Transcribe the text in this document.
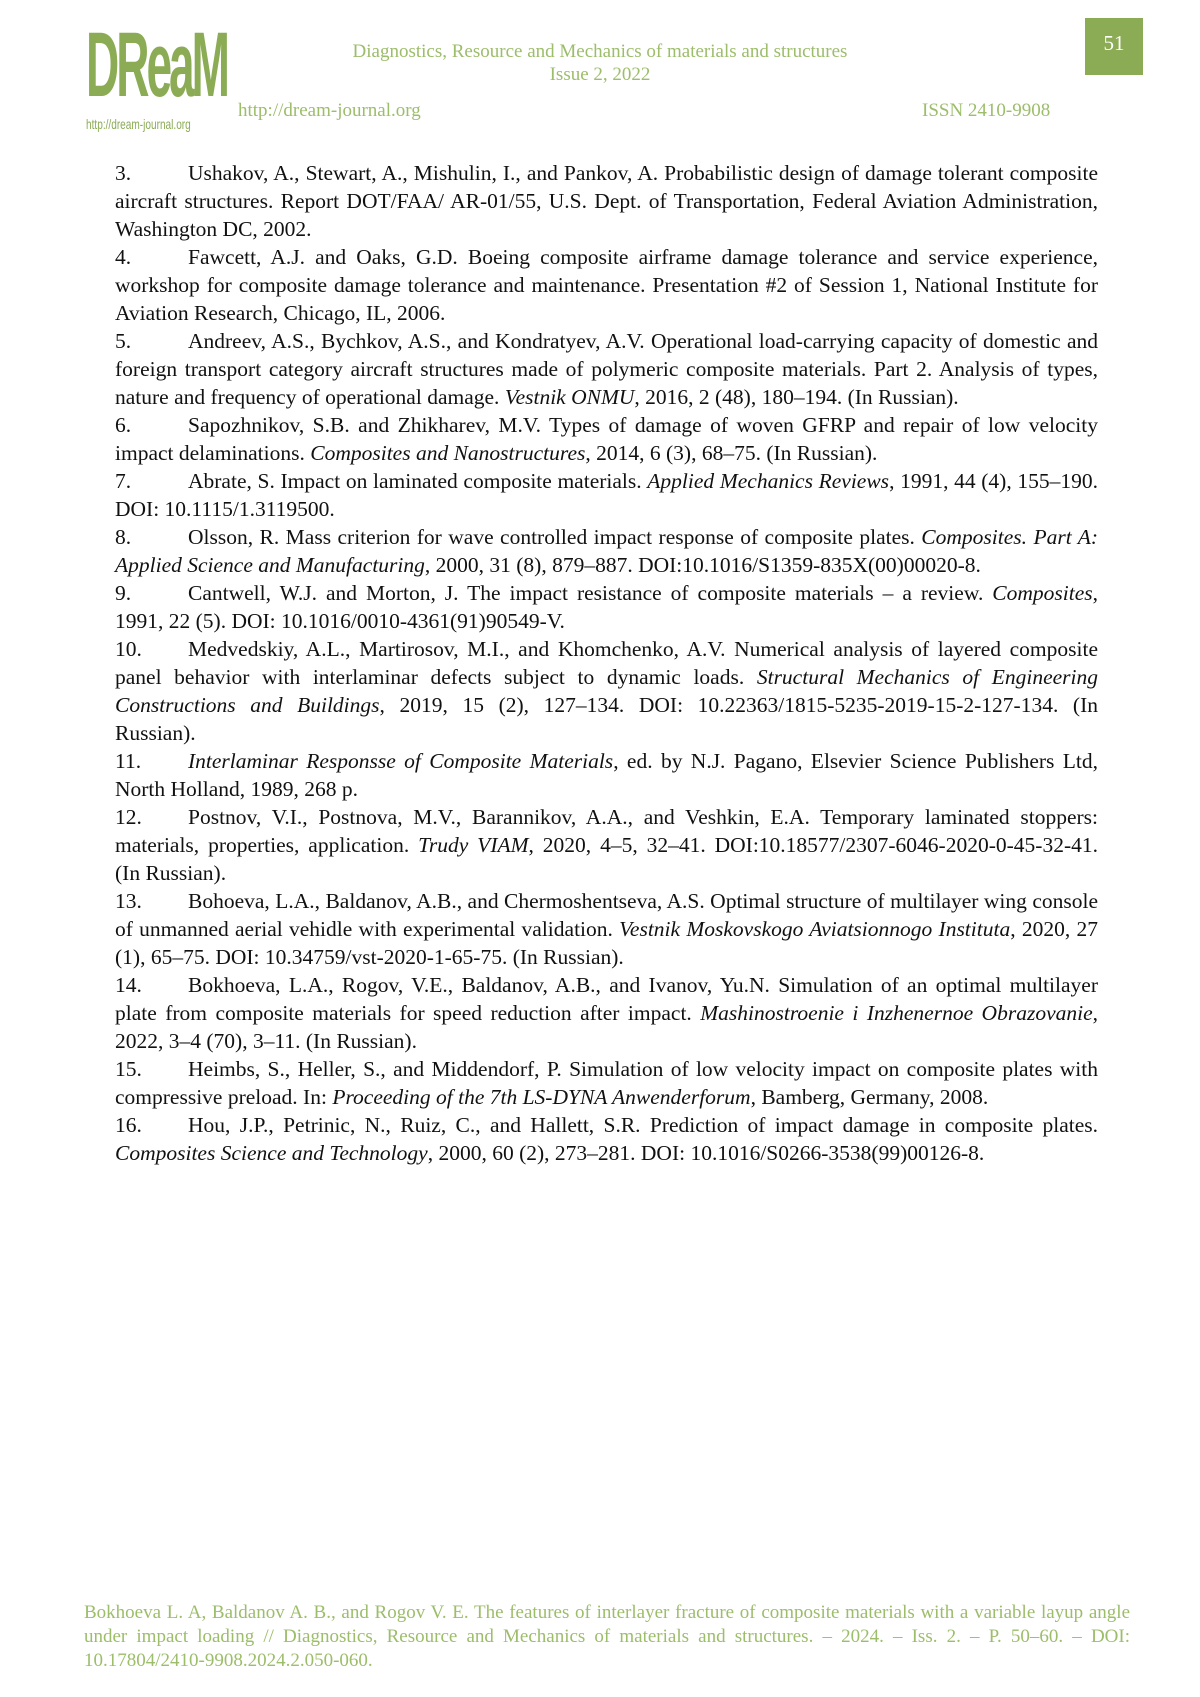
DReaM
http://dream-journal.org
Diagnostics, Resource and Mechanics of materials and structures
Issue 2, 2022
http://dream-journal.org	ISSN 2410-9908
51

3.	Ushakov, A., Stewart, A., Mishulin, I., and Pankov, A. Probabilistic design of damage tolerant composite aircraft structures. Report DOT/FAA/ AR-01/55, U.S. Dept. of Transportation, Federal Aviation Administration, Washington DC, 2002.

4.	Fawcett, A.J. and Oaks, G.D. Boeing composite airframe damage tolerance and service experience, workshop for composite damage tolerance and maintenance. Presentation #2 of Session 1, National Institute for Aviation Research, Chicago, IL, 2006.

5.	Andreev, A.S., Bychkov, A.S., and Kondratyev, A.V. Operational load-carrying capacity of domestic and foreign transport category aircraft structures made of polymeric composite materials. Part 2. Analysis of types, nature and frequency of operational damage. Vestnik ONMU, 2016, 2 (48), 180–194. (In Russian).

6.	Sapozhnikov, S.B. and Zhikharev, M.V. Types of damage of woven GFRP and repair of low velocity impact delaminations. Composites and Nanostructures, 2014, 6 (3), 68–75. (In Russian).

7.	Abrate, S. Impact on laminated composite materials. Applied Mechanics Reviews, 1991, 44 (4), 155–190. DOI: 10.1115/1.3119500.

8.	Olsson, R. Mass criterion for wave controlled impact response of composite plates. Composites. Part A: Applied Science and Manufacturing, 2000, 31 (8), 879–887. DOI:10.1016/S1359-835X(00)00020-8.

9.	Cantwell, W.J. and Morton, J. The impact resistance of composite materials – a review. Composites, 1991, 22 (5). DOI: 10.1016/0010-4361(91)90549-V.

10. Medvedskiy, A.L., Martirosov, M.I., and Khomchenko, A.V. Numerical analysis of layered composite panel behavior with interlaminar defects subject to dynamic loads. Structural Mechanics of Engineering Constructions and Buildings, 2019, 15 (2), 127–134. DOI: 10.22363/1815-5235-2019-15-2-127-134. (In Russian).

11. Interlaminar Responsse of Composite Materials, ed. by N.J. Pagano, Elsevier Science Publishers Ltd, North Holland, 1989, 268 p.

12. Postnov, V.I., Postnova, M.V., Barannikov, A.A., and Veshkin, E.A. Temporary laminated stoppers: materials, properties, application. Trudy VIAM, 2020, 4–5, 32–41. DOI:10.18577/2307-6046-2020-0-45-32-41. (In Russian).

13. Bohoeva, L.A., Baldanov, A.B., and Chermoshentseva, A.S. Optimal structure of multilayer wing console of unmanned aerial vehidle with experimental validation. Vestnik Moskovskogo Aviatsionnogo Instituta, 2020, 27 (1), 65–75. DOI: 10.34759/vst-2020-1-65-75. (In Russian).

14. Bokhoeva, L.A., Rogov, V.E., Baldanov, A.B., and Ivanov, Yu.N. Simulation of an optimal multilayer plate from composite materials for speed reduction after impact. Mashinostroenie i Inzhenernoe Obrazovanie, 2022, 3–4 (70), 3–11. (In Russian).

15. Heimbs, S., Heller, S., and Middendorf, P. Simulation of low velocity impact on composite plates with compressive preload. In: Proceeding of the 7th LS-DYNA Anwenderforum, Bamberg, Germany, 2008.

16. Hou, J.P., Petrinic, N., Ruiz, C., and Hallett, S.R. Prediction of impact damage in composite plates. Composites Science and Technology, 2000, 60 (2), 273–281. DOI: 10.1016/S0266-3538(99)00126-8.

Bokhoeva L. A, Baldanov A. B., and Rogov V. E. The features of interlayer fracture of composite materials with a variable layup angle under impact loading // Diagnostics, Resource and Mechanics of materials and structures. – 2024. – Iss. 2. – P. 50–60. – DOI: 10.17804/2410-9908.2024.2.050-060.
